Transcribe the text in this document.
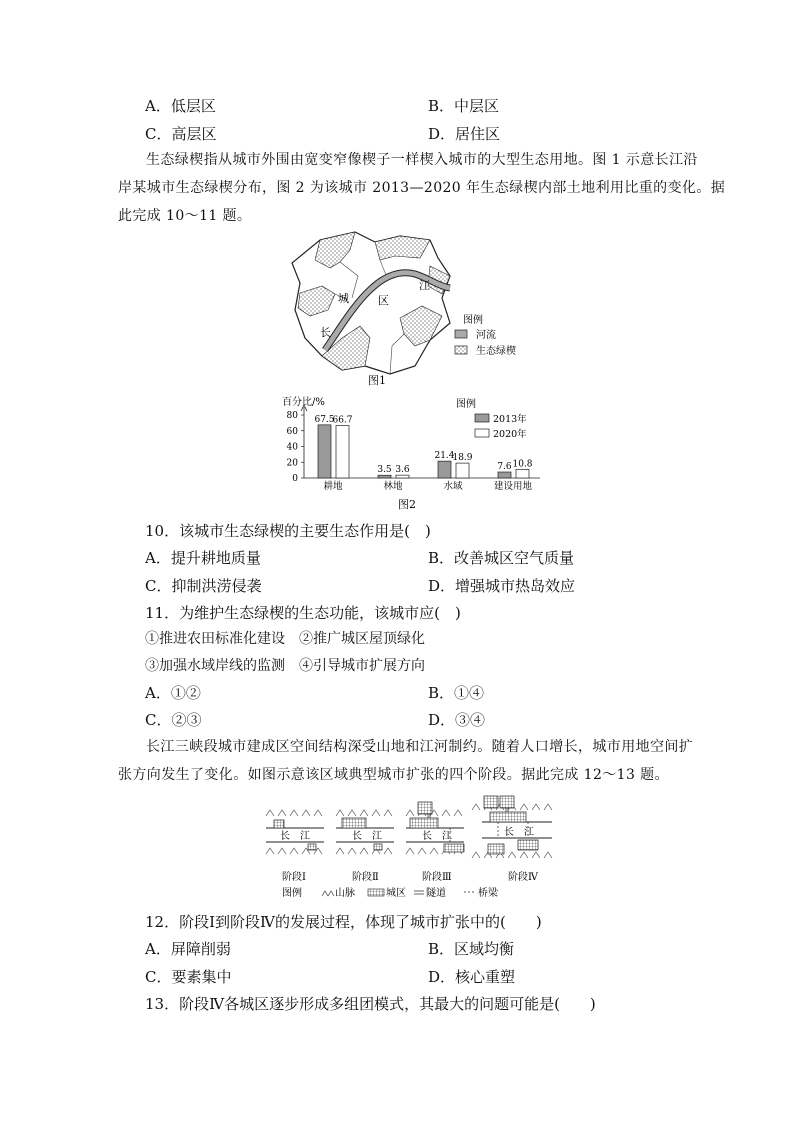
A．低层区	B．中层区
C．高层区	D．居住区
生态绿楔指从城市外围由宽变窄像楔子一样楔入城市的大型生态用地。图 1 示意长江沿
岸某城市生态绿楔分布，图 2 为该城市 2013—2020 年生态绿楔内部土地利用比重的变化。据
此完成 10～11 题。
城	区
江
长
图例
河流
生态绿楔
图1
百分比/%
0
20
40
60
80 67.5
66.7
耕地
3.5 3.6
林地
21.4
18.9
水域
7.6 10.8
建设用地
图例
2013年
2020年
图2
10．该城市生态绿楔的主要生态作用是(　)
A．提升耕地质量	B．改善城区空气质量
C．抑制洪涝侵袭	D．增强城市热岛效应
11．为维护生态绿楔的生态功能，该城市应(　)
①推进农田标准化建设　②推广城区屋顶绿化
③加强水域岸线的监测　④引导城市扩展方向
A．①②	B．①④
C．②③	D．③④
长江三峡段城市建成区空间结构深受山地和江河制约。随着人口增长，城市用地空间扩
张方向发生了变化。如图示意该区域典型城市扩张的四个阶段。据此完成 12～13 题。
长　江	长　江	长　江	长　江
阶段Ⅰ	阶段Ⅱ	阶段Ⅲ	阶段Ⅳ
图例	山脉	城区 隧道	桥梁
12．阶段Ⅰ到阶段Ⅳ的发展过程，体现了城市扩张中的(　　)
A．屏障削弱	B．区域均衡
C．要素集中	D．核心重塑
13．阶段Ⅳ各城区逐步形成多组团模式，其最大的问题可能是(　　)
